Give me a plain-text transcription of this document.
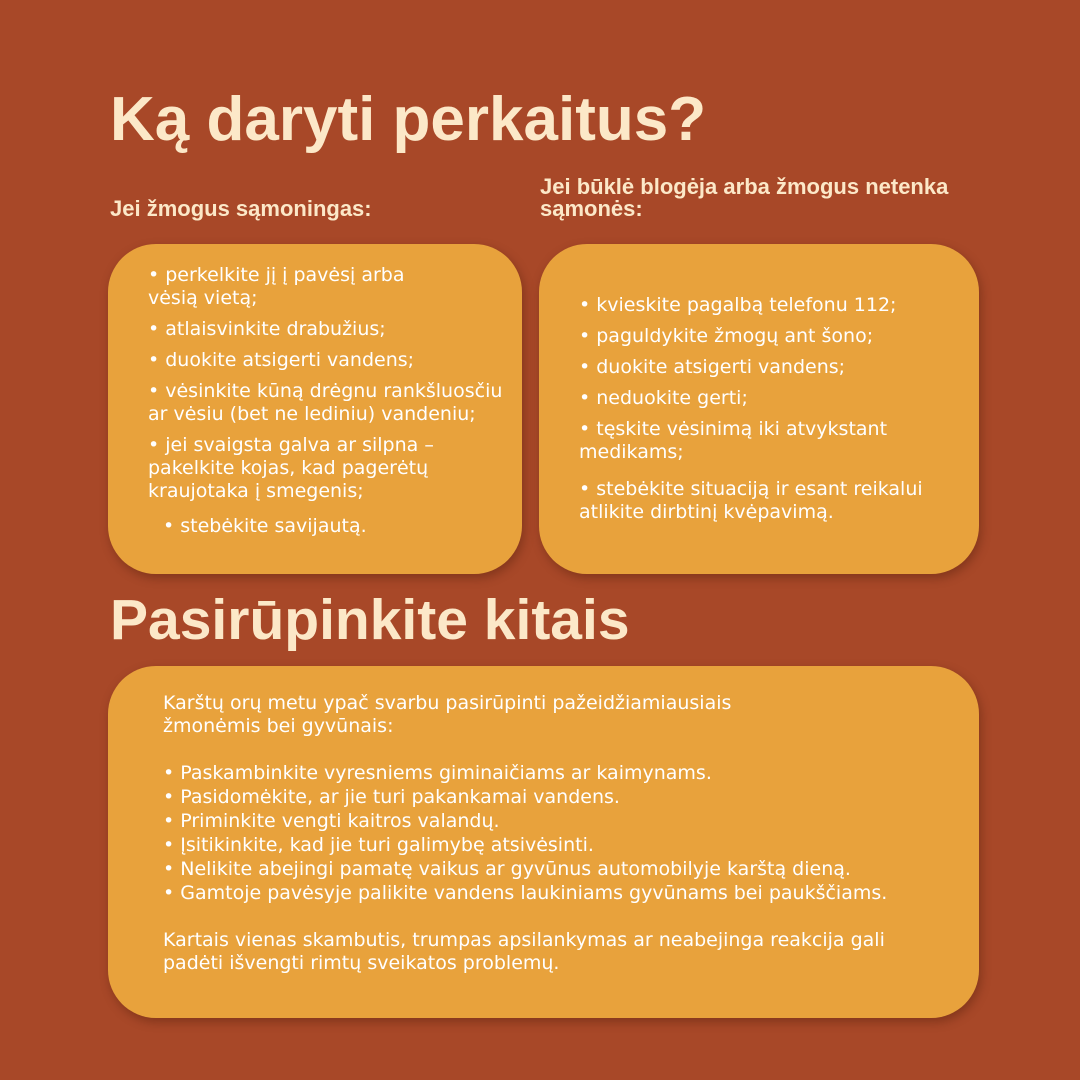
Ką daryti perkaitus?
Jei žmogus sąmoningas:
Jei būklė blogėja arba žmogus netenka sąmonės:
• perkelkite jį į pavėsį arba vėsią vietą;
• atlaisvinkite drabužius;
• duokite atsigerti vandens;
• vėsinkite kūną drėgnu rankšluosčiu ar vėsiu (bet ne lediniu) vandeniu;
• jei svaigsta galva ar silpna – pakelkite kojas, kad pagerėtų kraujotaka į smegenis;
• stebėkite savijautą.
• kvieskite pagalbą telefonu 112;
• paguldykite žmogų ant šono;
• duokite atsigerti vandens;
• neduokite gerti;
• tęskite vėsinimą iki atvykstant medikams;
• stebėkite situaciją ir esant reikalui atlikite dirbtinį kvėpavimą.
Pasirūpinkite kitais

Karštų orų metu ypač svarbu pasirūpinti pažeidžiamiausiais žmonėmis bei gyvūnais:

• Paskambinkite vyresniems giminaičiams ar kaimynams.
• Pasidomėkite, ar jie turi pakankamai vandens.
• Priminkite vengti kaitros valandų.
• Įsitikinkite, kad jie turi galimybę atsivėsinti.
• Nelikite abejingi pamatę vaikus ar gyvūnus automobilyje karštą dieną.
• Gamtoje pavėsyje palikite vandens laukiniams gyvūnams bei paukščiams.

Kartais vienas skambutis, trumpas apsilankymas ar neabejinga reakcija gali padėti išvengti rimtų sveikatos problemų.
